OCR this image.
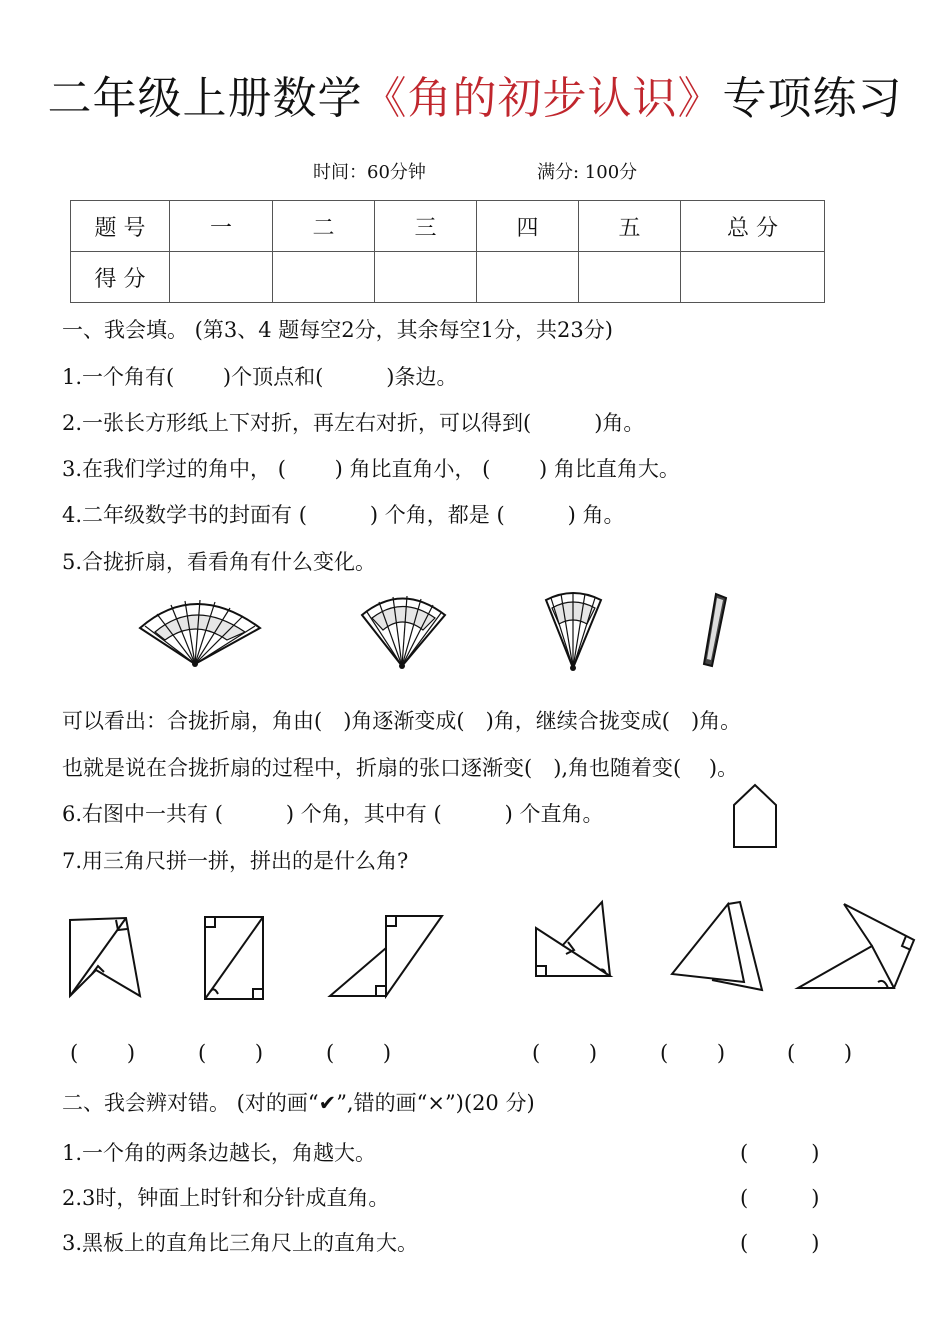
二年级上册数学《角的初步认识》专项练习
时间：60分钟	满分: 100分
题 号	一	二	三	四	五	总 分
得 分						
一、我会填。 (第3、4 题每空2分，其余每空1分，共23分)
1.一个角有(　　 )个顶点和(　　　)条边。
2.一张长方形纸上下对折，再左右对折，可以得到(　　　)角。
3.在我们学过的角中， (　　 ) 角比直角小， (　　 ) 角比直角大。
4.二年级数学书的封面有 (　　　) 个角，都是 (　　　) 角。
5.合拢折扇，看看角有什么变化。
可以看出：合拢折扇，角由(　)角逐渐变成(　)角，继续合拢变成(　)角。
也就是说在合拢折扇的过程中，折扇的张口逐渐变(　),角也随着变(　 )。
6.右图中一共有 (　　　) 个角，其中有 (　　　) 个直角。
7.用三角尺拼一拼，拼出的是什么角?
(　　 )	(　　 )	(　　 )	(　　 )	(　　 )	(　　 )
二、我会辨对错。 (对的画“✔”,错的画“×”)(20 分)
1.一个角的两条边越长，角越大。	(　　　)
2.3时，钟面上时针和分针成直角。	(　　　)
3.黑板上的直角比三角尺上的直角大。	(　　　)
